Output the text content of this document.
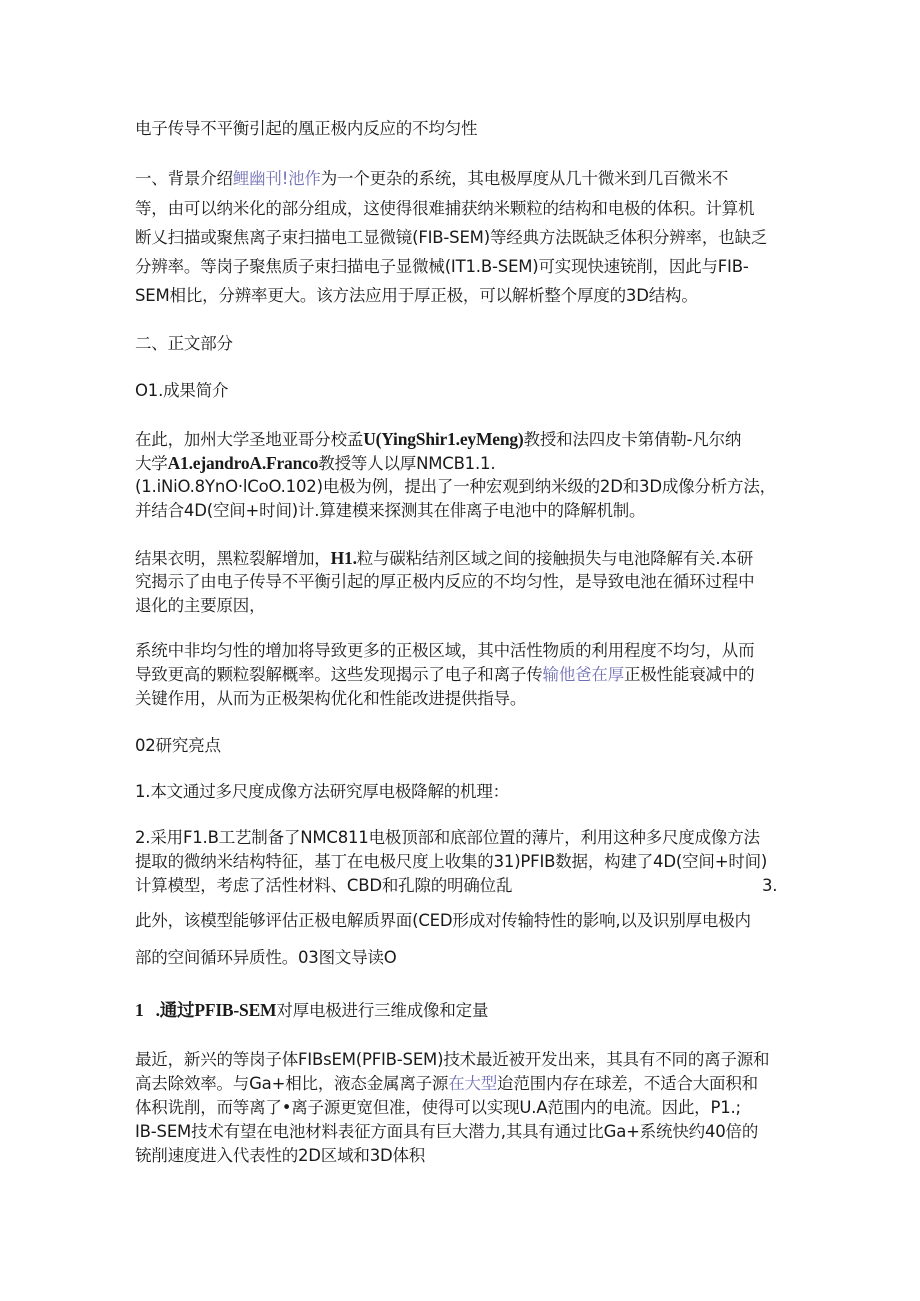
电子传导不平衡引起的凰正极内反应的不均匀性

一、背景介绍鲤幽刊!池作为一个更杂的系统，其电极厚度从几十微米到几百微米不

等，由可以纳米化的部分组成，这使得很难捕获纳米颗粒的结构和电极的体积。计算机

断乂扫描或聚焦离子束扫描电工显微镜(FIB-SEM)等经典方法既缺乏体积分辨率，也缺乏

分辨率。等岗子聚焦质子束扫描电子显微械(IT1.B-SEM)可实现快速铳削，因此与FIB-

SEM相比，分辨率更大。该方法应用于厚正极，可以解析整个厚度的3D结构。

二、正文部分

O1.成果简介

在此，加州大学圣地亚哥分校孟U(YingShir1.eyMeng)教授和法四皮卡第倩勒-凡尔纳

大学A1.ejandroA.Franco教授等人以厚NMCB1.1.

(1.iNiO.8YnO·lCoO.102)电极为例，提出了一种宏观到纳米级的2D和3D成像分析方法，

并结合4D(空间+时间)计.算建模来探测其在俳离子电池中的降解机制。

结果衣明，黑粒裂解增加，H1.粒与碳粘结剂区域之间的接触损失与电池降解有关.本研

究揭示了由电子传导不平衡引起的厚正极内反应的不均匀性，是导致电池在循环过程中

退化的主要原因，

系统中非均匀性的增加将导致更多的正极区域，其中活性物质的利用程度不均匀，从而

导致更高的颗粒裂解概率。这些发现揭示了电子和离子传输他爸在厚正极性能衰减中的

关键作用，从而为正极架构优化和性能改进提供指导。

02研究亮点

1.本文通过多尺度成像方法研究厚电极降解的机理：

2.采用F1.B工艺制备了NMC811电极顶部和底部位置的薄片，利用这种多尺度成像方法

提取的微纳米结构特征，基丁在电极尺度上收集的31)PFIB数据，构建了4D(空间+时间)

计算模型，考虑了活性材料、CBD和孔隙的明确位乱	3.

此外，该模型能够评估正极电解质界面(CED形成对传输特性的影响,以及识别厚电极内

部的空间循环异质性。03图文导读O

1 .通过PFIB-SEM对厚电极进行三维成像和定量

最近，新兴的等岗子体FIBsEM(PFIB-SEM)技术最近被开发出来，其具有不同的离子源和

高去除效率。与Ga+相比，液态金属离子源在大型迨范围内存在球差，不适合大面积和

体积诜削，而等离了•离子源更宽但准，使得可以实现U.A范围内的电流。因此，P1.;

IB-SEM技术有望在电池材料表征方面具有巨大潜力,其具有通过比Ga+系统快约40倍的

铳削速度进入代表性的2D区域和3D体积
